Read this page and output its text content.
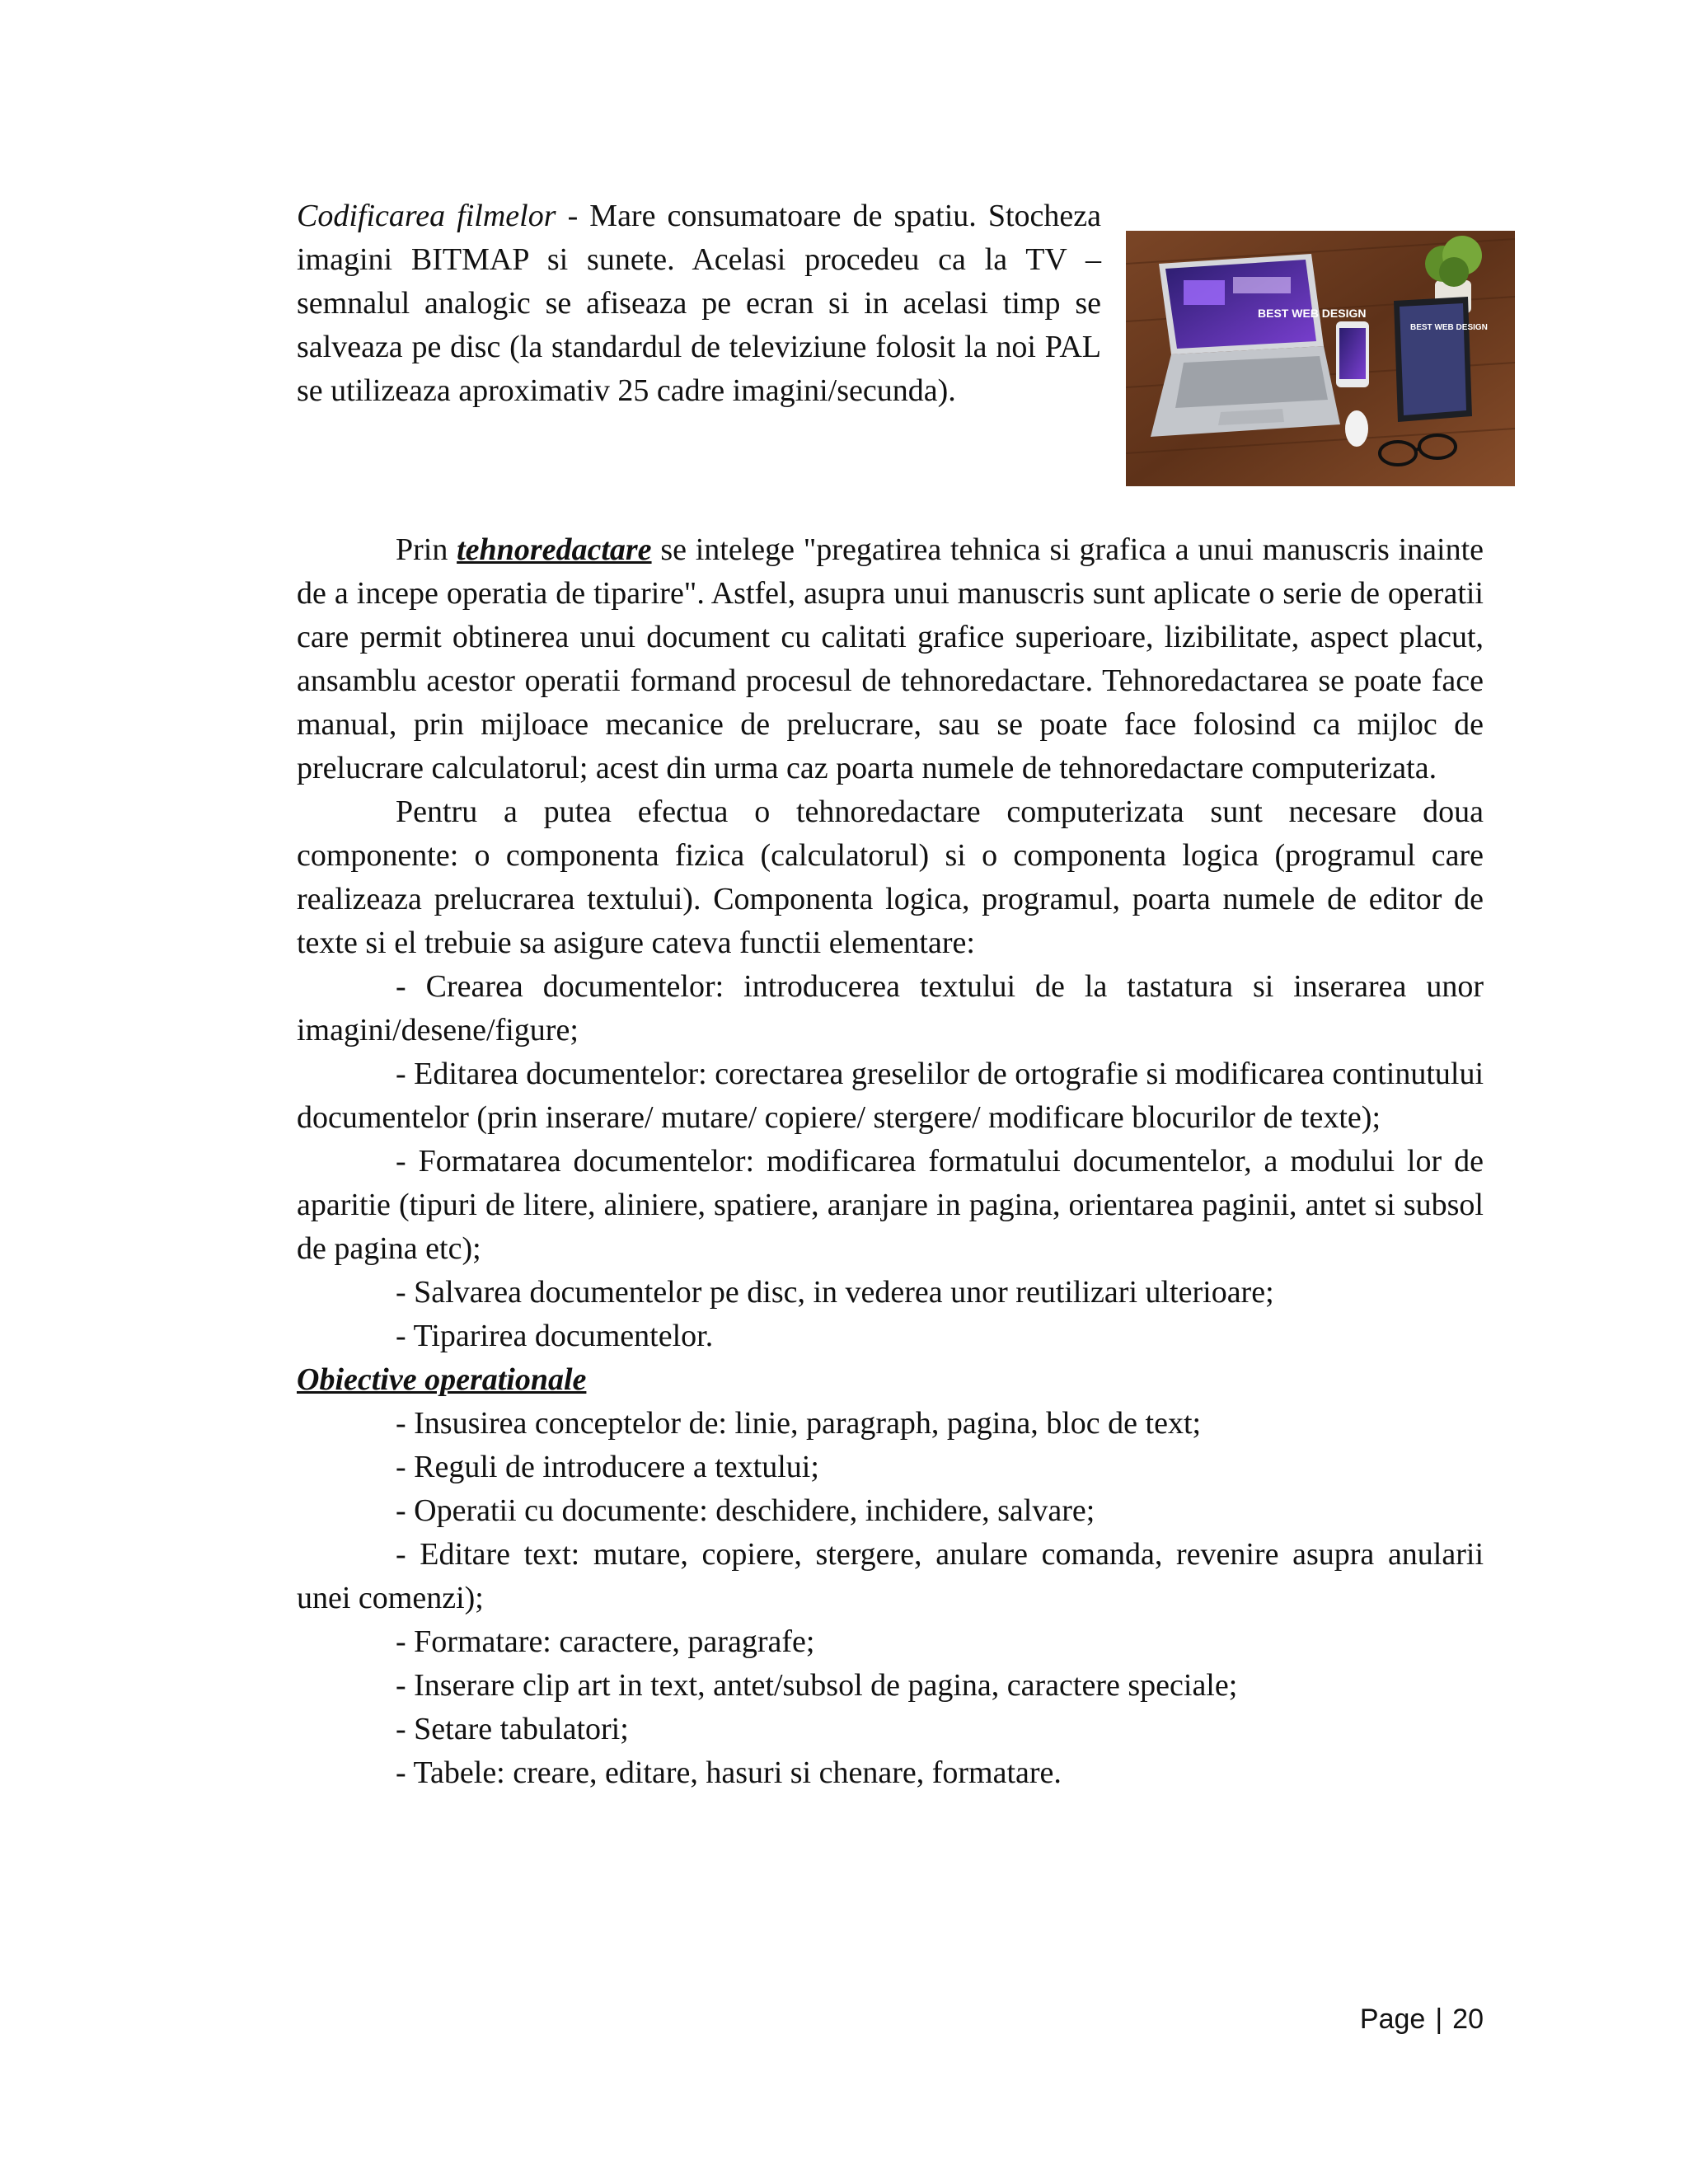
Codificarea filmelor - Mare consumatoare de spatiu. Stocheza imagini BITMAP si sunete. Acelasi procedeu ca la TV – semnalul analogic se afiseaza pe ecran si in acelasi timp se salveaza pe disc (la standardul de televiziune folosit la noi PAL se utilizeaza aproximativ 25 cadre imagini/secunda).

BEST WEB DESIGN
BEST WEB DESIGN

Prin tehnoredactare se intelege "pregatirea tehnica si grafica a unui manuscris inainte de a incepe operatia de tiparire". Astfel, asupra unui manuscris sunt aplicate o serie de operatii care permit obtinerea unui document cu calitati grafice superioare, lizibilitate, aspect placut, ansamblu acestor operatii formand procesul de tehnoredactare. Tehnoredactarea se poate face manual, prin mijloace mecanice de prelucrare, sau se poate face folosind ca mijloc de prelucrare calculatorul; acest din urma caz poarta numele de tehnoredactare computerizata.

Pentru a putea efectua o tehnoredactare computerizata sunt necesare doua componente: o componenta fizica (calculatorul) si o componenta logica (programul care realizeaza prelucrarea textului). Componenta logica, programul, poarta numele de editor de texte si el trebuie sa asigure cateva functii elementare:

- Crearea documentelor: introducerea textului de la tastatura si inserarea unor imagini/desene/figure;

- Editarea documentelor: corectarea greselilor de ortografie si modificarea continutului documentelor (prin inserare/ mutare/ copiere/ stergere/ modificare blocurilor de texte);

- Formatarea documentelor: modificarea formatului documentelor, a modului lor de aparitie (tipuri de litere, aliniere, spatiere, aranjare in pagina, orientarea paginii, antet si subsol de pagina etc);

- Salvarea documentelor pe disc, in vederea unor reutilizari ulterioare;

- Tiparirea documentelor.

Obiective operationale

- Insusirea conceptelor de: linie, paragraph, pagina, bloc de text;

- Reguli de introducere a textului;

- Operatii cu documente: deschidere, inchidere, salvare;

- Editare text: mutare, copiere, stergere, anulare comanda, revenire asupra anularii unei comenzi);

- Formatare: caractere, paragrafe;

- Inserare clip art in text, antet/subsol de pagina, caractere speciale;

- Setare tabulatori;

- Tabele: creare, editare, hasuri si chenare, formatare.

Page | 20
